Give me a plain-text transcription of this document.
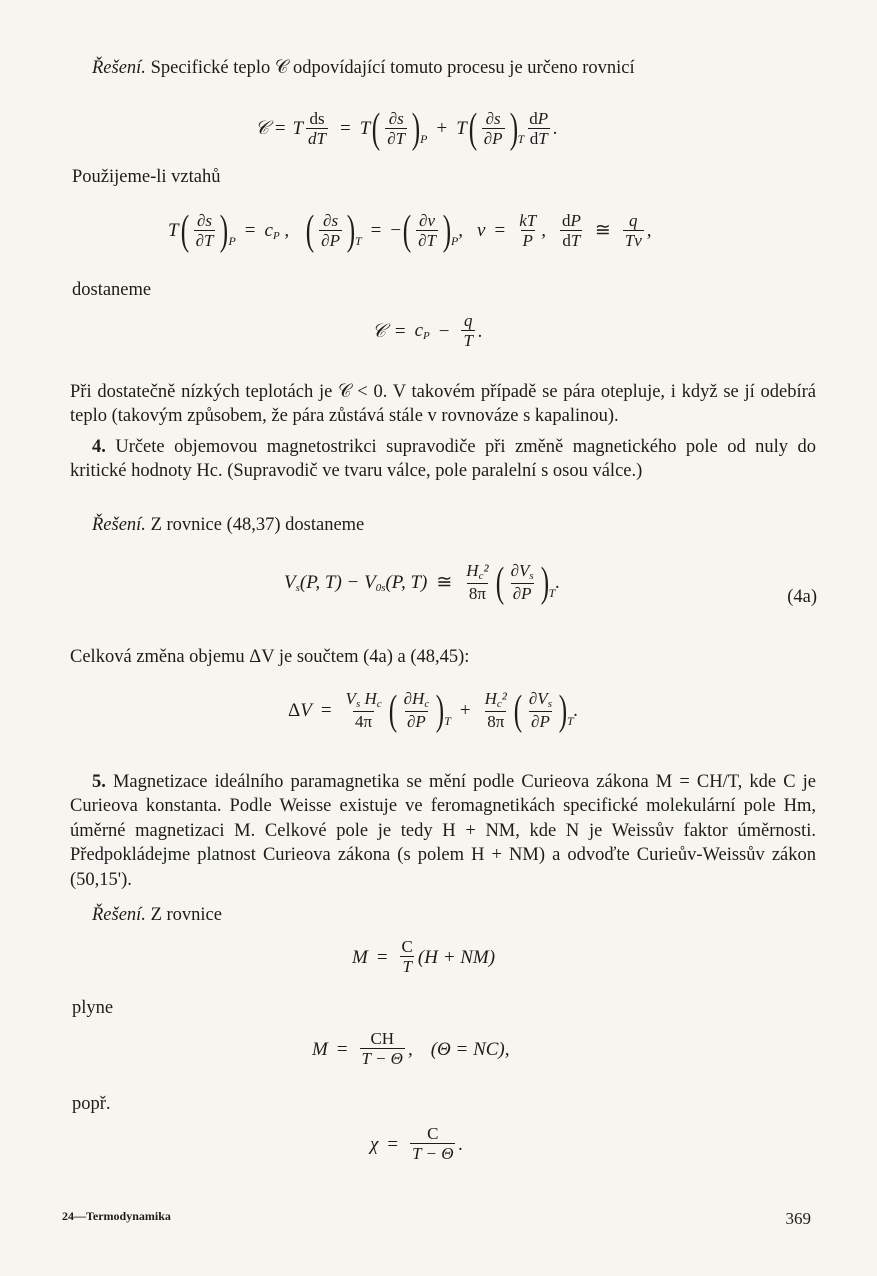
Řešení. Specifické teplo 𝒞 odpovídající tomuto procesu je určeno rovnicí

𝒞 = T $\frac{ds}{dT} = T$ ( $\frac{\partial s}{\partial T}$ ) P + T ( $\frac{\partial s}{\partial P}$ ) T $\frac{dP}{dT}$ .

Použijeme-li vztahů

T ( $\frac{\partial s}{\partial T}$ ) P = cP , ( $\frac{\partial s}{\partial P}$ ) T = − ( $\frac{\partial v}{\partial T}$ ) P , $v = \frac{kT}{P}$ , $\frac{dP}{dT}$ ≅ $\frac{q}{Tv}$ ,

dostaneme

𝒞 = cP − $\frac{q}{T}$ .

Při dostatečně nízkých teplotách je 𝒞 < 0. V takovém případě se pára otepluje, i když se jí odebírá teplo (takovým způsobem, že pára zůstává stále v rovnováze s kapalinou).

4. Určete objemovou magnetostrikci supravodiče při změně magnetického pole od nuly do kritické hodnoty Hc. (Supravodič ve tvaru válce, pole paralelní s osou válce.)

Řešení. Z rovnice (48,37) dostaneme

Vs(P, T) − V0s(P, T) ≅ $\frac{\text{Hc²}}{8\pi}$ ( $\frac{\partial Vs}{\partial P}$ ) T .
(4a)

Celková změna objemu ΔV je součtem (4a) a (48,45):

Δ $V = \frac{\text{Vs Hc}}{4\pi}$ ( $\frac{\partial Hc}{\partial P}$ ) $T + \frac{\text{Hc²}}{8\pi}$ ( $\frac{\partial Vs}{\partial P}$ ) T .

5. Magnetizace ideálního paramagnetika se mění podle Curieova zákona M = CH/T, kde C je Curieova konstanta. Podle Weisse existuje ve feromagnetikách specifické molekulární pole Hm, úměrné magnetizaci M. Celkové pole je tedy H + NM, kde N je Weissův faktor úměrnosti. Předpokládejme platnost Curieova zákona (s polem H + NM) a odvoďte Curieův-Weissův zákon (50,15').

Řešení. Z rovnice

$M = \frac{C}{T} (H + NM)$

plyne

$M = \frac{CH}{T - \Theta}$ , (Θ = NC),

popř.

$\chi = \frac{C}{T - \Theta}$ .
24—Termodynamika	369
